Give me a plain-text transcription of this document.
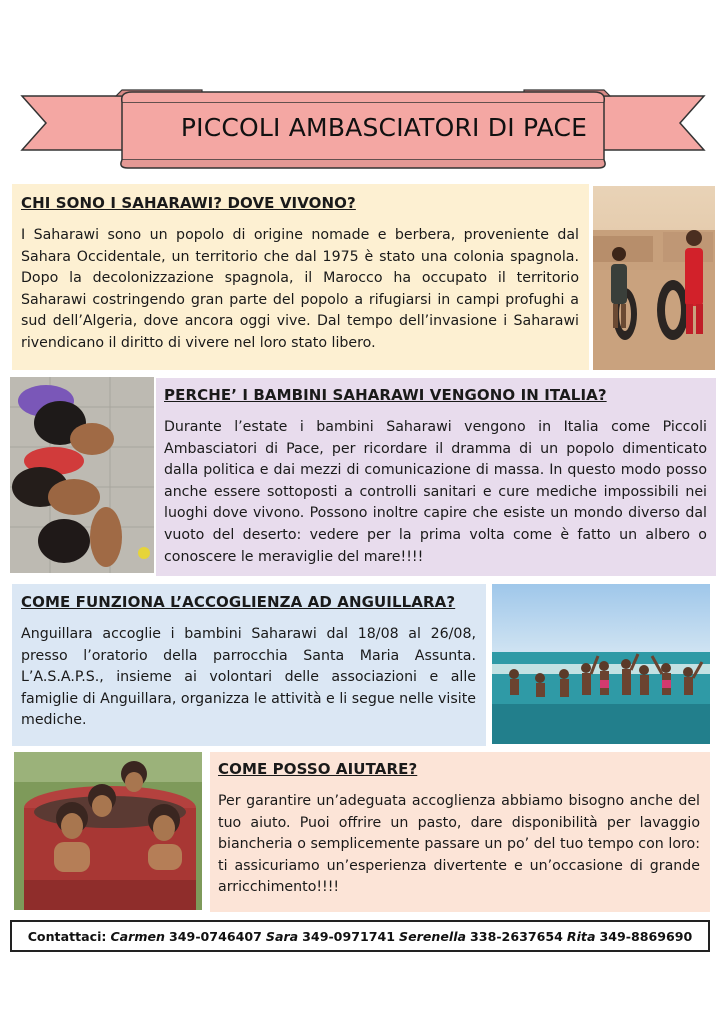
PICCOLI AMBASCIATORI DI PACE
CHI SONO I SAHARAWI? DOVE VIVONO?

I Saharawi sono un popolo di origine nomade e berbera, proveniente dal Sahara Occidentale, un territorio che dal 1975 è stato una colonia spagnola. Dopo la decolonizzazione spagnola, il Marocco ha occupato il territorio Saharawi costringendo gran parte del popolo a rifugiarsi in campi profughi a sud dell’Algeria, dove ancora oggi vive. Dal tempo dell’invasione i Saharawi rivendicano il diritto di vivere nel loro stato libero.

PERCHE’ I BAMBINI SAHARAWI VENGONO IN ITALIA?

Durante l’estate i bambini Saharawi vengono in Italia come Piccoli Ambasciatori di Pace, per ricordare il dramma di un popolo dimenticato dalla politica e dai mezzi di comunicazione di massa. In questo modo posso anche essere sottoposti a controlli sanitari e cure mediche impossibili nei luoghi dove vivono. Possono inoltre capire che esiste un mondo diverso dal vuoto del deserto: vedere per la prima volta come è fatto un albero o conoscere le meraviglie del mare!!!!

COME FUNZIONA L’ACCOGLIENZA AD ANGUILLARA?

Anguillara accoglie i bambini Saharawi dal 18/08 al 26/08, presso l’oratorio della parrocchia Santa Maria Assunta. L’A.S.A.P.S., insieme ai volontari delle associazioni e alle famiglie di Anguillara, organizza le attività e li segue nelle visite mediche.

COME POSSO AIUTARE?

Per garantire un’adeguata accoglienza abbiamo bisogno anche del tuo aiuto. Puoi offrire un pasto, dare disponibilità per lavaggio biancheria o semplicemente passare un po’ del tuo tempo con loro: ti assicuriamo un’esperienza divertente e un’occasione di grande arricchimento!!!!

Contattaci: Carmen 349-0746407 Sara 349-0971741 Serenella 338-2637654 Rita 349-8869690
